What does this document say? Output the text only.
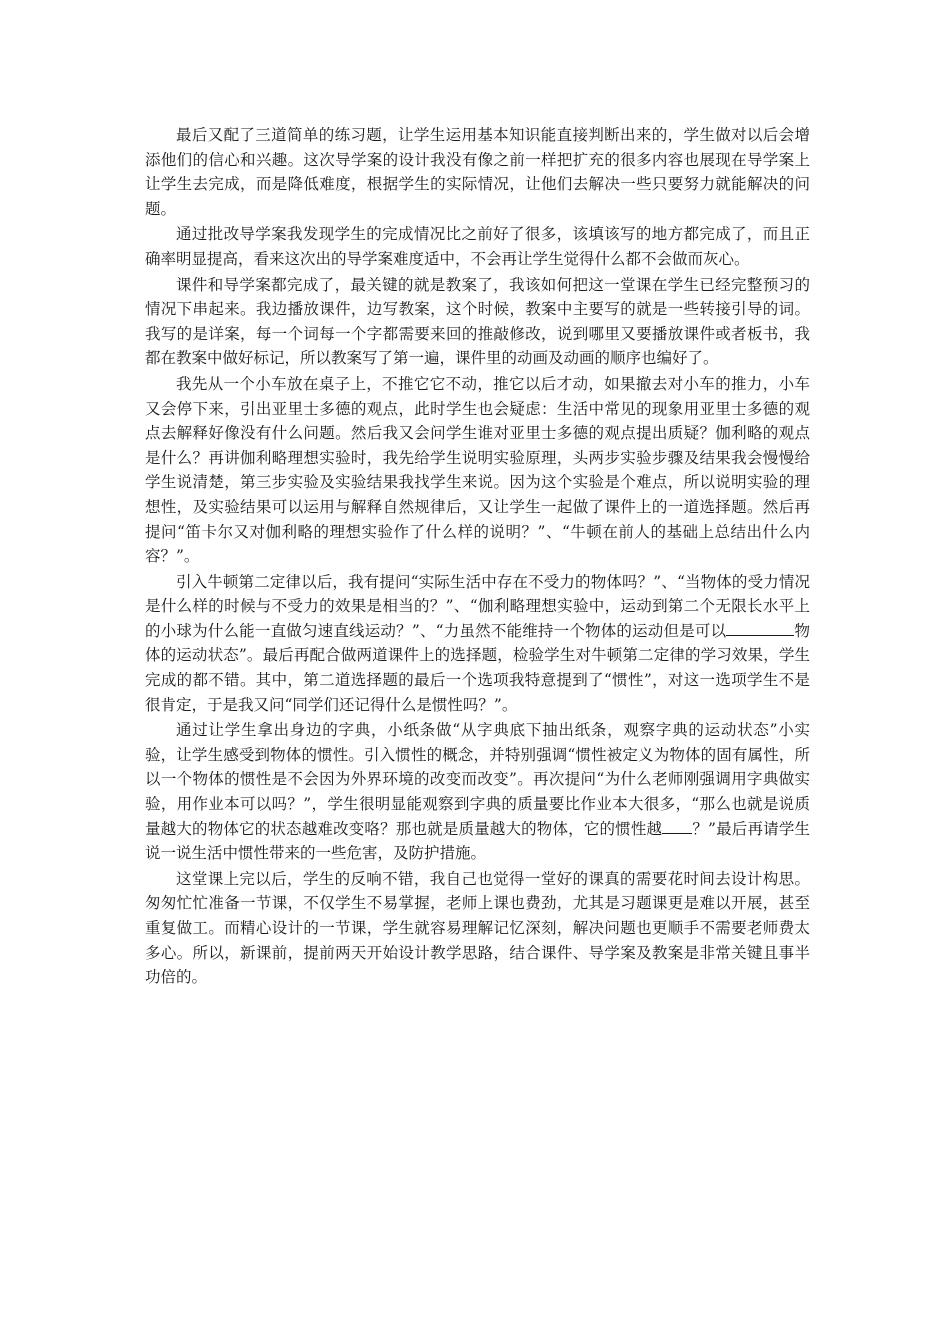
最后又配了三道简单的练习题，让学生运用基本知识能直接判断出来的，学生做对以后会增添他们的信心和兴趣。这次导学案的设计我没有像之前一样把扩充的很多内容也展现在导学案上让学生去完成，而是降低难度，根据学生的实际情况，让他们去解决一些只要努力就能解决的问题。

通过批改导学案我发现学生的完成情况比之前好了很多，该填该写的地方都完成了，而且正确率明显提高，看来这次出的导学案难度适中，不会再让学生觉得什么都不会做而灰心。

课件和导学案都完成了，最关键的就是教案了，我该如何把这一堂课在学生已经完整预习的情况下串起来。我边播放课件，边写教案，这个时候，教案中主要写的就是一些转接引导的词。我写的是详案，每一个词每一个字都需要来回的推敲修改，说到哪里又要播放课件或者板书，我都在教案中做好标记，所以教案写了第一遍，课件里的动画及动画的顺序也编好了。

我先从一个小车放在桌子上，不推它它不动，推它以后才动，如果撤去对小车的推力，小车又会停下来，引出亚里士多德的观点，此时学生也会疑虑：生活中常见的现象用亚里士多德的观点去解释好像没有什么问题。然后我又会问学生谁对亚里士多德的观点提出质疑？伽利略的观点是什么？再讲伽利略理想实验时，我先给学生说明实验原理，头两步实验步骤及结果我会慢慢给学生说清楚，第三步实验及实验结果我找学生来说。因为这个实验是个难点，所以说明实验的理想性，及实验结果可以运用与解释自然规律后，又让学生一起做了课件上的一道选择题。然后再提问“笛卡尔又对伽利略的理想实验作了什么样的说明？”、“牛顿在前人的基础上总结出什么内容？”。

引入牛顿第二定律以后，我有提问“实际生活中存在不受力的物体吗？”、“当物体的受力情况是什么样的时候与不受力的效果是相当的？”、“伽利略理想实验中，运动到第二个无限长水平上的小球为什么能一直做匀速直线运动？”、“力虽然不能维持一个物体的运动但是可以	物体的运动状态”。最后再配合做两道课件上的选择题，检验学生对牛顿第二定律的学习效果，学生完成的都不错。其中，第二道选择题的最后一个选项我特意提到了“惯性”，对这一选项学生不是很肯定，于是我又问“同学们还记得什么是惯性吗？”。

通过让学生拿出身边的字典，小纸条做“从字典底下抽出纸条，观察字典的运动状态”小实验，让学生感受到物体的惯性。引入惯性的概念，并特别强调“惯性被定义为物体的固有属性，所以一个物体的惯性是不会因为外界环境的改变而改变”。再次提问“为什么老师刚强调用字典做实验，用作业本可以吗？”，学生很明显能观察到字典的质量要比作业本大很多，“那么也就是说质量越大的物体它的状态越难改变咯？那也就是质量越大的物体，它的惯性越 ？”最后再请学生说一说生活中惯性带来的一些危害，及防护措施。

这堂课上完以后，学生的反响不错，我自己也觉得一堂好的课真的需要花时间去设计构思。匆匆忙忙准备一节课，不仅学生不易掌握，老师上课也费劲，尤其是习题课更是难以开展，甚至重复做工。而精心设计的一节课，学生就容易理解记忆深刻，解决问题也更顺手不需要老师费太多心。所以，新课前，提前两天开始设计教学思路，结合课件、导学案及教案是非常关键且事半功倍的。
